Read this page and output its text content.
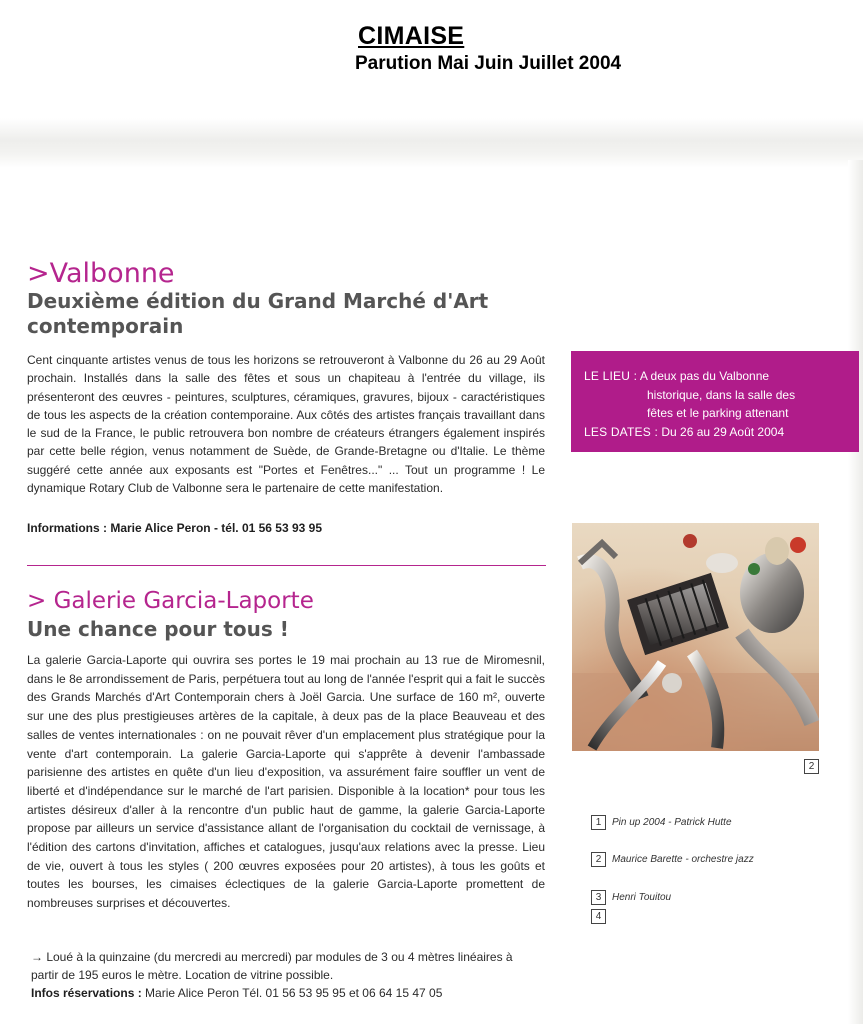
CIMAISE

Parution Mai Juin Juillet 2004

>Valbonne
Deuxième édition du Grand Marché d'Art contemporain

Cent cinquante artistes venus de tous les horizons se retrouveront à Valbonne du 26 au 29 Août prochain. Installés dans la salle des fêtes et sous un chapiteau à l'entrée du village, ils présenteront des œuvres - peintures, sculptures, céramiques, gravures, bijoux - caractéristiques de tous les aspects de la création contemporaine. Aux côtés des artistes français travaillant dans le sud de la France, le public retrouvera bon nombre de créateurs étrangers également inspirés par cette belle région, venus notamment de Suède, de Grande-Bretagne ou d'Italie. Le thème suggéré cette année aux exposants est "Portes et Fenêtres..." ... Tout un programme ! Le dynamique Rotary Club de Valbonne sera le partenaire de cette manifestation.

Informations : Marie Alice Peron - tél. 01 56 53 93 95

LE LIEU : A deux pas du Valbonne

historique, dans la salle des

fêtes et le parking attenant

LES DATES : Du 26 au 29 Août 2004

2
1	Pin up 2004 - Patrick Hutte

2	Maurice Barette - orchestre jazz

3	Henri Touitou

4
> Galerie Garcia-Laporte
Une chance pour tous !

La galerie Garcia-Laporte qui ouvrira ses portes le 19 mai prochain au 13 rue de Miromesnil, dans le 8e arrondissement de Paris, perpétuera tout au long de l'année l'esprit qui a fait le succès des Grands Marchés d'Art Contemporain chers à Joël Garcia. Une surface de 160 m², ouverte sur une des plus prestigieuses artères de la capitale, à deux pas de la place Beauveau et des salles de ventes internationales : on ne pouvait rêver d'un emplacement plus stratégique pour la vente d'art contemporain. La galerie Garcia-Laporte qui s'apprête à devenir l'ambassade parisienne des artistes en quête d'un lieu d'exposition, va assurément faire souffler un vent de liberté et d'indépendance sur le marché de l'art parisien. Disponible à la location* pour tous les artistes désireux d'aller à la rencontre d'un public haut de gamme, la galerie Garcia-Laporte propose par ailleurs un service d'assistance allant de l'organisation du cocktail de vernissage, à l'édition des cartons d'invitation, affiches et catalogues, jusqu'aux relations avec la presse. Lieu de vie, ouvert à tous les styles ( 200 œuvres exposées pour 20 artistes), à tous les goûts et toutes les bourses, les cimaises éclectiques de la galerie Garcia-Laporte promettent de nombreuses surprises et découvertes.

→ Loué à la quinzaine (du mercredi au mercredi) par modules de 3 ou 4 mètres linéaires à partir de 195 euros le mètre. Location de vitrine possible.

Infos réservations : Marie Alice Peron Tél. 01 56 53 95 95 et 06 64 15 47 05
